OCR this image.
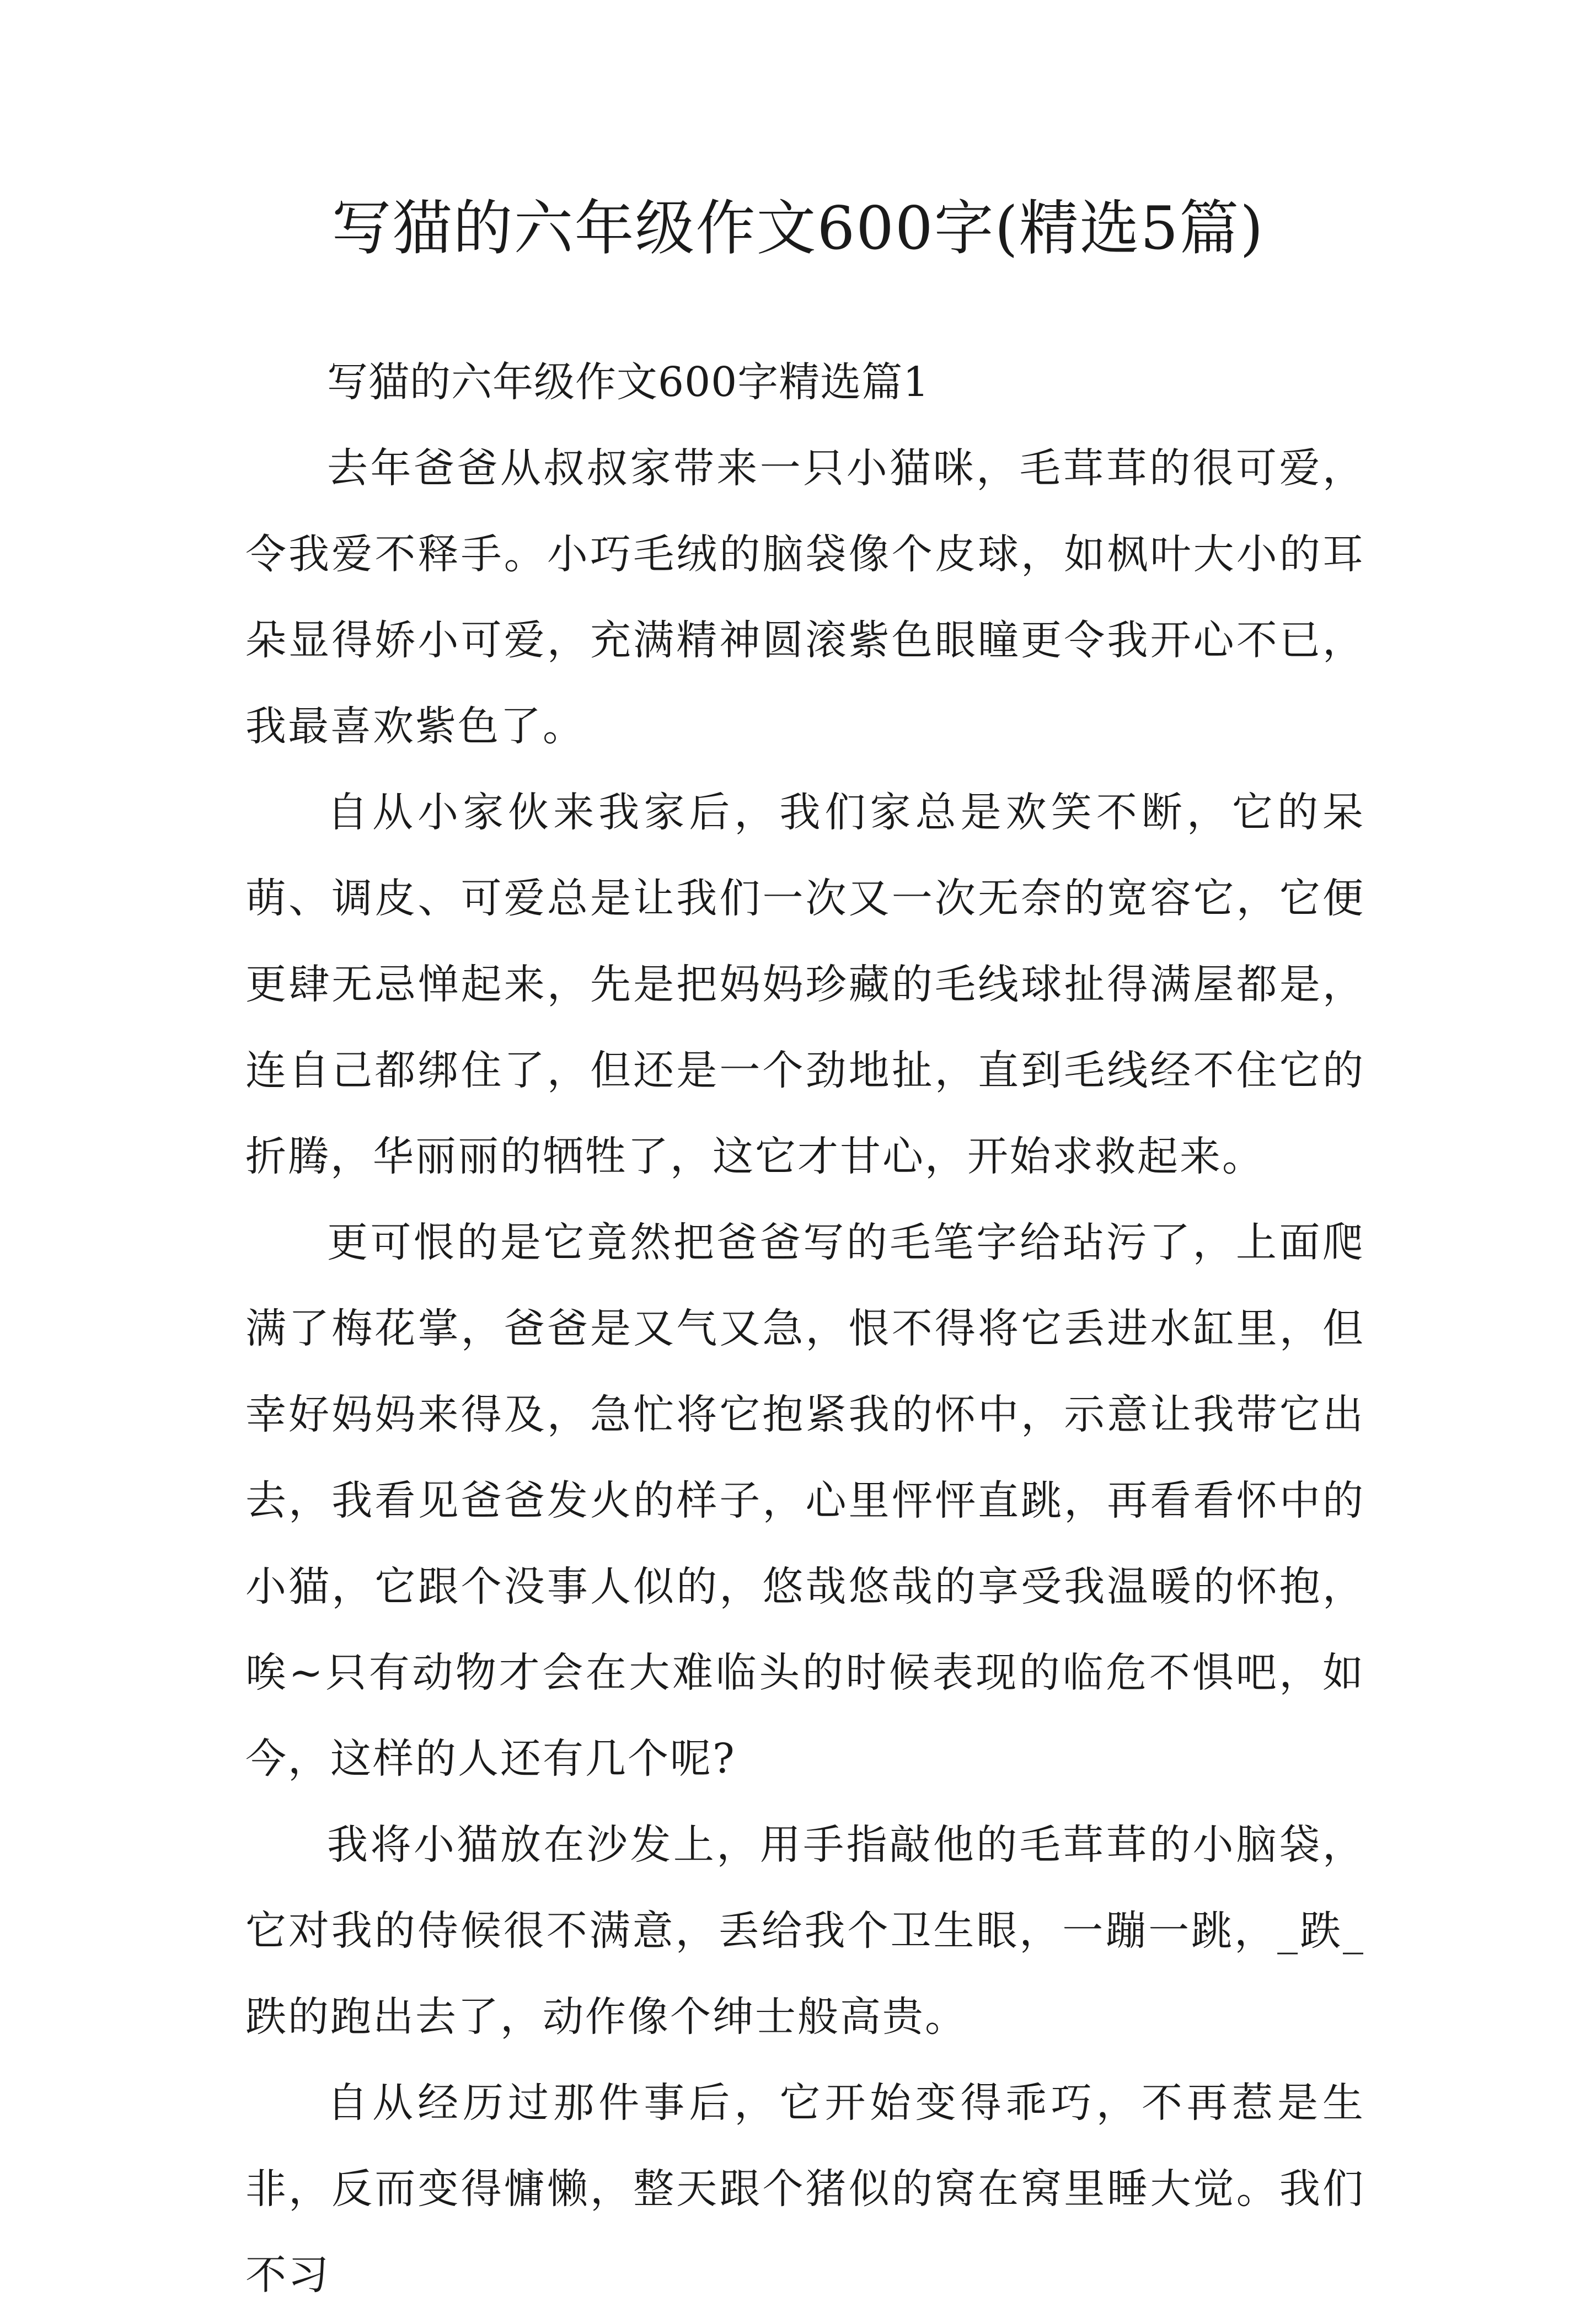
写猫的六年级作文600字(精选5篇)

写猫的六年级作文600字精选篇1

去年爸爸从叔叔家带来一只小猫咪，毛茸茸的很可爱，令我爱不释手。小巧毛绒的脑袋像个皮球，如枫叶大小的耳朵显得娇小可爱，充满精神圆滚紫色眼瞳更令我开心不已，我最喜欢紫色了。

自从小家伙来我家后，我们家总是欢笑不断，它的呆萌、调皮、可爱总是让我们一次又一次无奈的宽容它，它便更肆无忌惮起来，先是把妈妈珍藏的毛线球扯得满屋都是，连自己都绑住了，但还是一个劲地扯，直到毛线经不住它的折腾，华丽丽的牺牲了，这它才甘心，开始求救起来。

更可恨的是它竟然把爸爸写的毛笔字给玷污了，上面爬满了梅花掌，爸爸是又气又急，恨不得将它丢进水缸里，但幸好妈妈来得及，急忙将它抱紧我的怀中，示意让我带它出去，我看见爸爸发火的样子，心里怦怦直跳，再看看怀中的小猫，它跟个没事人似的，悠哉悠哉的享受我温暖的怀抱，唉~只有动物才会在大难临头的时候表现的临危不惧吧，如今，这样的人还有几个呢?

我将小猫放在沙发上，用手指敲他的毛茸茸的小脑袋，它对我的侍候很不满意，丢给我个卫生眼，一蹦一跳，_跌_跌的跑出去了，动作像个绅士般高贵。

自从经历过那件事后，它开始变得乖巧，不再惹是生非，反而变得慵懒，整天跟个猪似的窝在窝里睡大觉。我们不习
